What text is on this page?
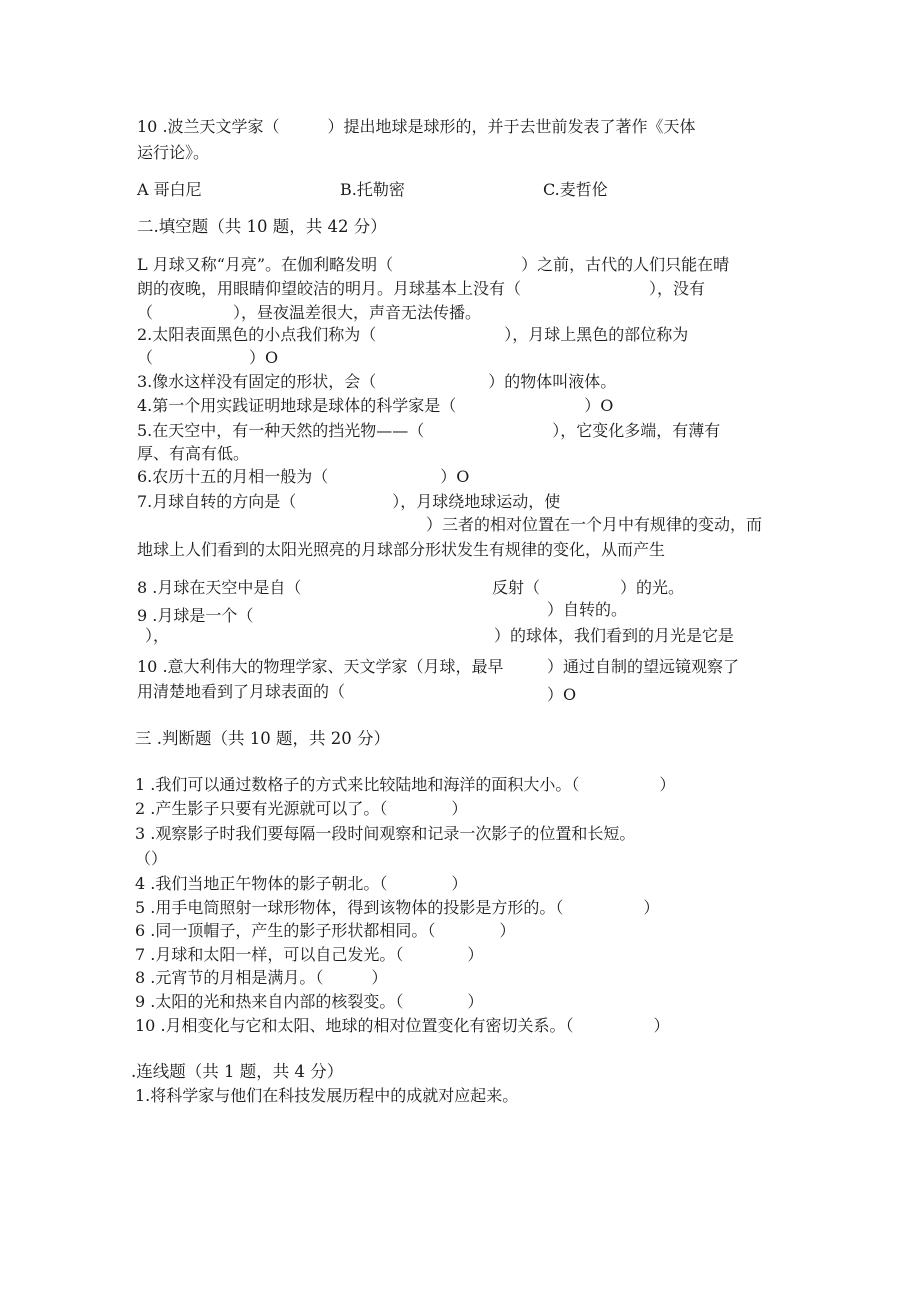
10 .波兰天文学家（　　　）提出地球是球形的，并于去世前发表了著作《天体
运行论》。
A 哥白尼	B.托勒密	C.麦哲伦
二.填空题（共 10 题，共 42 分）
L 月球又称“月亮”。在伽利略发明（　　　　　　　　）之前，古代的人们只能在晴
朗的夜晚，用眼睛仰望皎洁的明月。月球基本上没有（　　　　　　　　），没有
（　　　　　），昼夜温差很大，声音无法传播。
2.太阳表面黑色的小点我们称为（　　　　　　　　），月球上黑色的部位称为
（　　　　　　）O
3.像水这样没有固定的形状，会（　　　　　　　）的物体叫液体。
4.第一个用实践证明地球是球体的科学家是（　　　　　　　　）O
5.在天空中，有一种天然的挡光物——（　　　　　　　　），它变化多端，有薄有
厚、有高有低。
6.农历十五的月相一般为（　　　　　　　）O
7.月球自转的方向是（　　　　　　），月球绕地球运动，使
）三者的相对位置在一个月中有规律的变动，而
地球上人们看到的太阳光照亮的月球部分形状发生有规律的变化，从而产生
8 .月球在天空中是自（	反射（　　　　　）的光。
9 .月球是一个（	）自转的。
），	）的球体，我们看到的月光是它是
10 .意大利伟大的物理学家、天文学家（月球，最早	）通过自制的望远镜观察了
用清楚地看到了月球表面的（	）O
三 .判断题（共 10 题，共 20 分）
1 .我们可以通过数格子的方式来比较陆地和海洋的面积大小。（　　　　　）
2 .产生影子只要有光源就可以了。（　　　　）
3 .观察影子时我们要每隔一段时间观察和记录一次影子的位置和长短。
（）
4 .我们当地正午物体的影子朝北。（　　　　）
5 .用手电筒照射一球形物体，得到该物体的投影是方形的。（　　　　　）
6 .同一顶帽子，产生的影子形状都相同。（　　　　）
7 .月球和太阳一样，可以自己发光。（　　　　）
8 .元宵节的月相是满月。（　　　）
9 .太阳的光和热来自内部的核裂变。（　　　　）
10 .月相变化与它和太阳、地球的相对位置变化有密切关系。（　　　　　）
.连线题（共 1 题，共 4 分）
1.将科学家与他们在科技发展历程中的成就对应起来。
